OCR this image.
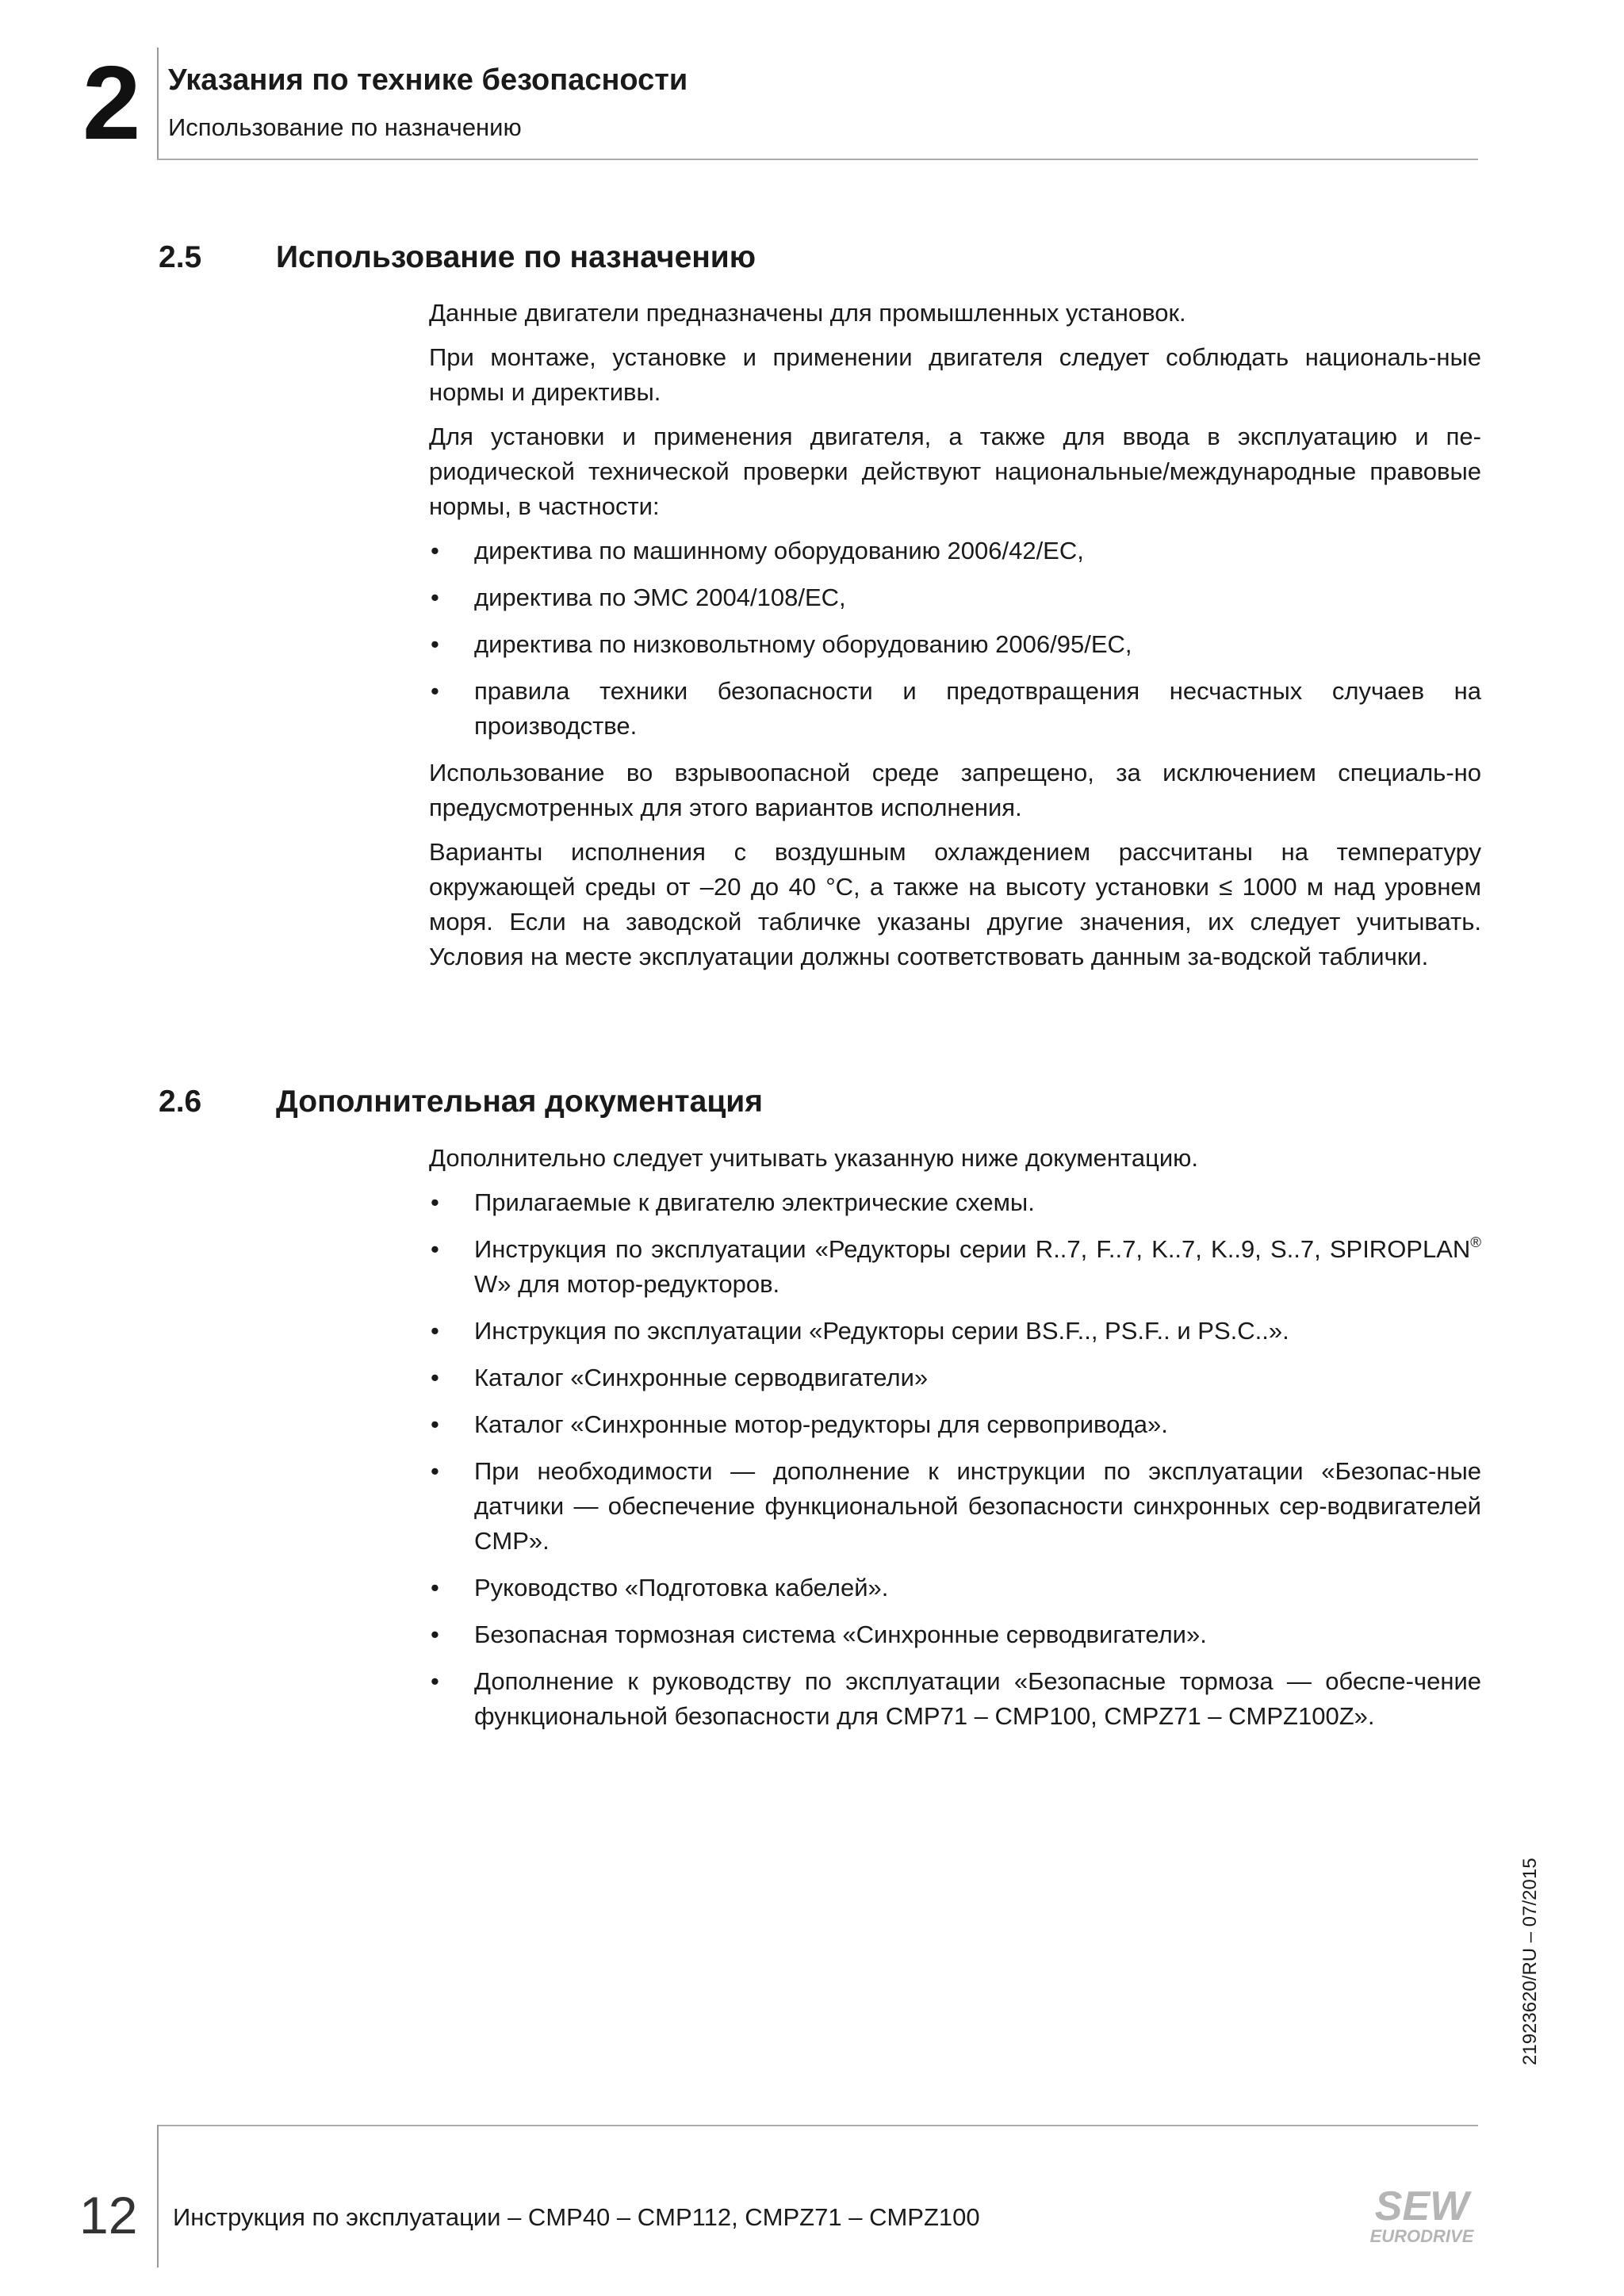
2 Указания по технике безопасности
Использование по назначению
2.5 Использование по назначению

Данные двигатели предназначены для промышленных установок.

При монтаже, установке и применении двигателя следует соблюдать националь-ные нормы и директивы.

Для установки и применения двигателя, а также для ввода в эксплуатацию и пе-риодической технической проверки действуют национальные/международные правовые нормы, в частности:

• директива по машинному оборудованию 2006/42/EC,
• директива по ЭМС 2004/108/EC,
• директива по низковольтному оборудованию 2006/95/EC,
• правила техники безопасности и предотвращения несчастных случаев на производстве.

Использование во взрывоопасной среде запрещено, за исключением специаль-но предусмотренных для этого вариантов исполнения.

Варианты исполнения с воздушным охлаждением рассчитаны на температуру окружающей среды от –20 до 40 °C, а также на высоту установки ≤ 1000 м над уровнем моря. Если на заводской табличке указаны другие значения, их следует учитывать. Условия на месте эксплуатации должны соответствовать данным за-водской таблички.

2.6 Дополнительная документация

Дополнительно следует учитывать указанную ниже документацию.

• Прилагаемые к двигателю электрические схемы.
• Инструкция по эксплуатации «Редукторы серии R..7, F..7, K..7, K..9, S..7, SPIROPLAN® W» для мотор-редукторов.
• Инструкция по эксплуатации «Редукторы серии BS.F.., PS.F.. и PS.C..».
• Каталог «Синхронные серводвигатели»
• Каталог «Синхронные мотор-редукторы для сервопривода».
• При необходимости — дополнение к инструкции по эксплуатации «Безопас-ные датчики — обеспечение функциональной безопасности синхронных сер-водвигателей CMP».
• Руководство «Подготовка кабелей».
• Безопасная тормозная система «Синхронные серводвигатели».
• Дополнение к руководству по эксплуатации «Безопасные тормоза — обеспе-чение функциональной безопасности для CMP71 – CMP100, CMPZ71 – CMPZ100Z».
21923620/RU – 07/2015
12 Инструкция по эксплуатации – CMP40 – CMP112, CMPZ71 – CMPZ100	SEW
EURODRIVE
